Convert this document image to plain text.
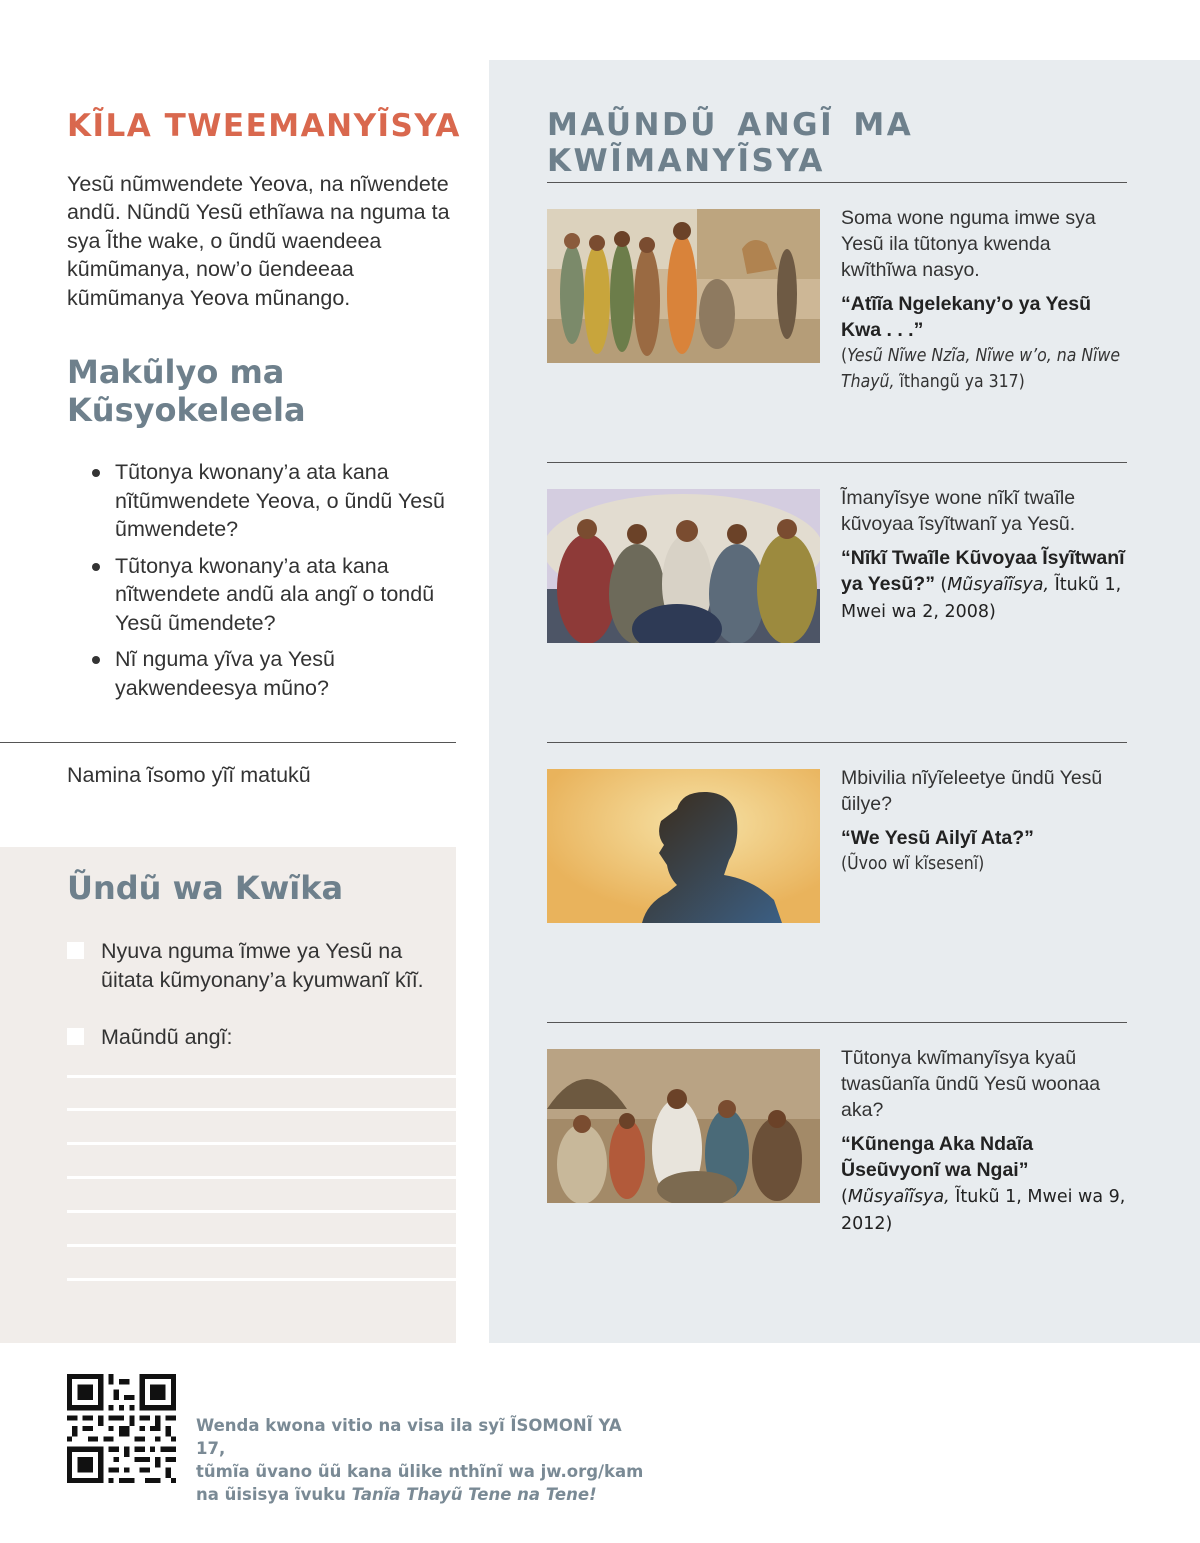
KĨLA TWEEMANYĨSYA

Yesũ nũmwendete Yeova, na nĩwendete andũ. Nũndũ Yesũ ethĩawa na nguma ta sya Ĩthe wake, o ũndũ waendeea kũmũmanya, now’o ũendeeaa kũmũmanya Yeova mũnango.

Makũlyo ma Kũsyokeleela
Tũtonya kwonany’a ata kana nĩtũmwendete Yeova, o ũndũ Yesũ ũmwendete?
Tũtonya kwonany’a ata kana nĩtwendete andũ ala angĩ o tondũ Yesũ ũmendete?
Nĩ nguma yĩva ya Yesũ yakwendeesya mũno?
Namina ĩsomo yĩĩ matukũ
Ũndũ wa Kwĩka
Nyuva nguma ĩmwe ya Yesũ na ũitata kũmyonany’a kyumwanĩ kĩĩ.
Maũndũ angĩ:
MAŨNDŨ ANGĨ MA KWĨMANYĨSYA
Soma wone nguma imwe sya Yesũ ila tũtonya kwenda kwĩthĩwa nasyo.
“Atĩĩa Ngelekany’o ya Yesũ Kwa . . .”
(Yesũ Nĩwe Nzĩa, Nĩwe w’o, na Nĩwe Thayũ, ĩthangũ ya 317)
Ĩmanyĩsye wone nĩkĩ twaĩle kũvoyaa ĩsyĩtwanĩ ya Yesũ.
“Nĩkĩ Twaĩle Kũvoyaa Ĩsyĩtwanĩ ya Yesũ?” (Mũsyaĩĩsya, Ĩtukũ 1, Mwei wa 2, 2008)
Mbivilia nĩyĩeleetye ũndũ Yesũ ũilye?
“We Yesũ Ailyĩ Ata?”
(Ũvoo wĩ kĩsesenĩ)
Tũtonya kwĩmanyĩsya kyaũ twasũanĩa ũndũ Yesũ woonaa aka?
“Kũnenga Aka Ndaĩa Ũseũvyonĩ wa Ngai” (Mũsyaĩĩsya, Ĩtukũ 1, Mwei wa 9, 2012)
Wenda kwona vitio na visa ila syĩ ĨSOMONĨ YA 17,
tũmĩa ũvano ũũ kana ũlike nthĩnĩ wa jw.org/kam
na ũisisya ĩvuku Tanĩa Thayũ Tene na Tene!
